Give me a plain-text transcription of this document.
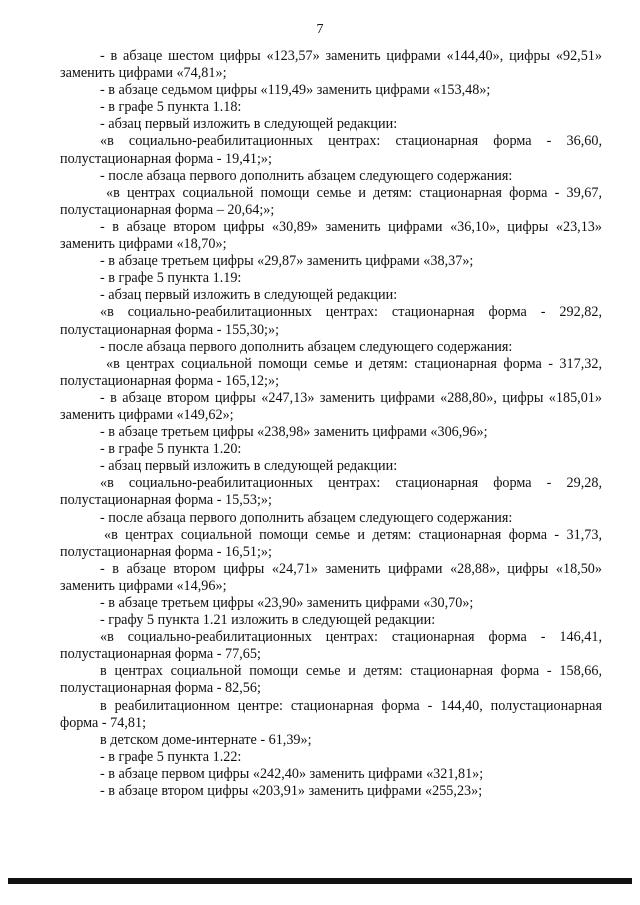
7

- в абзаце шестом цифры «123,57» заменить цифрами «144,40», цифры «92,51» заменить цифрами «74,81»;

- в абзаце седьмом цифры «119,49» заменить цифрами «153,48»;

- в графе 5 пункта 1.18:

- абзац первый изложить в следующей редакции:

«в социально-реабилитационных центрах: стационарная форма - 36,60, полустационарная форма - 19,41;»;

- после абзаца первого дополнить абзацем следующего содержания:

«в центрах социальной помощи семье и детям: стационарная форма - 39,67, полустационарная форма – 20,64;»;

- в абзаце втором цифры «30,89» заменить цифрами «36,10», цифры «23,13» заменить цифрами «18,70»;

- в абзаце третьем цифры «29,87» заменить цифрами «38,37»;

- в графе 5 пункта 1.19:

- абзац первый изложить в следующей редакции:

«в социально-реабилитационных центрах: стационарная форма - 292,82, полустационарная форма - 155,30;»;

- после абзаца первого дополнить абзацем следующего содержания:

«в центрах социальной помощи семье и детям: стационарная форма - 317,32, полустационарная форма - 165,12;»;

- в абзаце втором цифры «247,13» заменить цифрами «288,80», цифры «185,01» заменить цифрами «149,62»;

- в абзаце третьем цифры «238,98» заменить цифрами «306,96»;

- в графе 5 пункта 1.20:

- абзац первый изложить в следующей редакции:

«в социально-реабилитационных центрах: стационарная форма - 29,28, полустационарная форма - 15,53;»;

- после абзаца первого дополнить абзацем следующего содержания:

«в центрах социальной помощи семье и детям: стационарная форма - 31,73, полустационарная форма - 16,51;»;

- в абзаце втором цифры «24,71» заменить цифрами «28,88», цифры «18,50» заменить цифрами «14,96»;

- в абзаце третьем цифры «23,90» заменить цифрами «30,70»;

- графу 5 пункта 1.21 изложить в следующей редакции:

«в социально-реабилитационных центрах: стационарная форма - 146,41, полустационарная форма - 77,65;

в центрах социальной помощи семье и детям: стационарная форма - 158,66, полустационарная форма - 82,56;

в реабилитационном центре: стационарная форма - 144,40, полустационарная форма - 74,81;

в детском доме-интернате - 61,39»;

- в графе 5 пункта 1.22:

- в абзаце первом цифры «242,40» заменить цифрами «321,81»;

- в абзаце втором цифры «203,91» заменить цифрами «255,23»;
